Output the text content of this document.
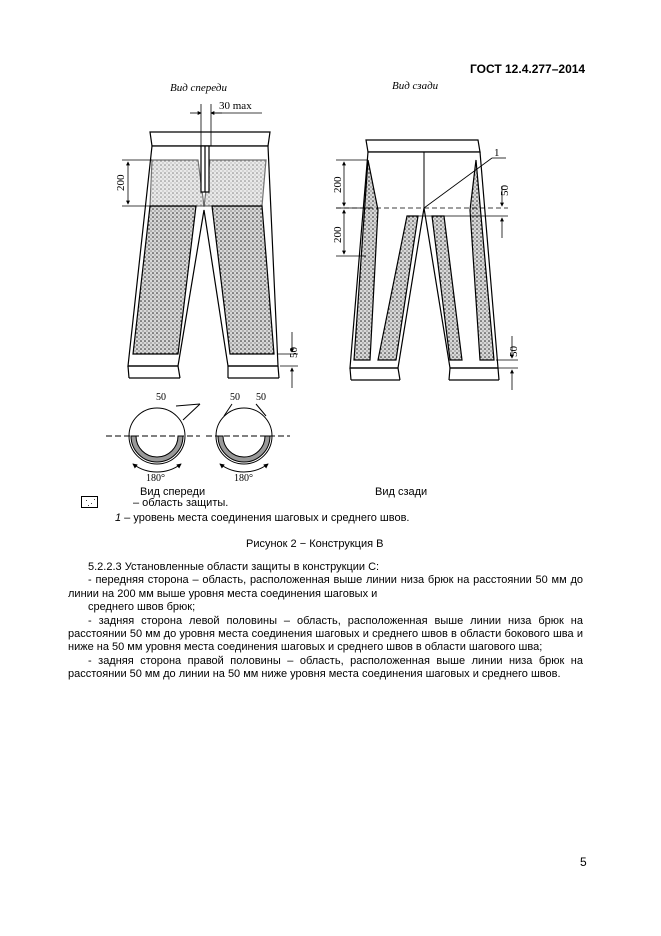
ГОСТ 12.4.277–2014
Вид спереди
30 max
200
50
Вид сзади
1
200
200
50
50
50	50 50
180°	180°
Вид спереди	Вид сзади
– область защиты.
1 – уровень места соединения шаговых и среднего швов.
Рисунок 2 − Конструкция В

5.2.2.3 Установленные области защиты в конструкции С:

- передняя сторона – область, расположенная выше линии низа брюк на расстоянии 50 мм до линии на 200 мм выше уровня места соединения шаговых и

среднего швов брюк;

- задняя сторона левой половины – область, расположенная выше линии низа брюк на расстоянии 50 мм до уровня места соединения шаговых и среднего швов в области бокового шва и ниже на 50 мм уровня места соединения шаговых и среднего швов в области шагового шва;

- задняя сторона правой половины – область, расположенная выше линии низа брюк на расстоянии 50 мм до линии на 50 мм ниже уровня места соединения шаговых и среднего швов.

5
